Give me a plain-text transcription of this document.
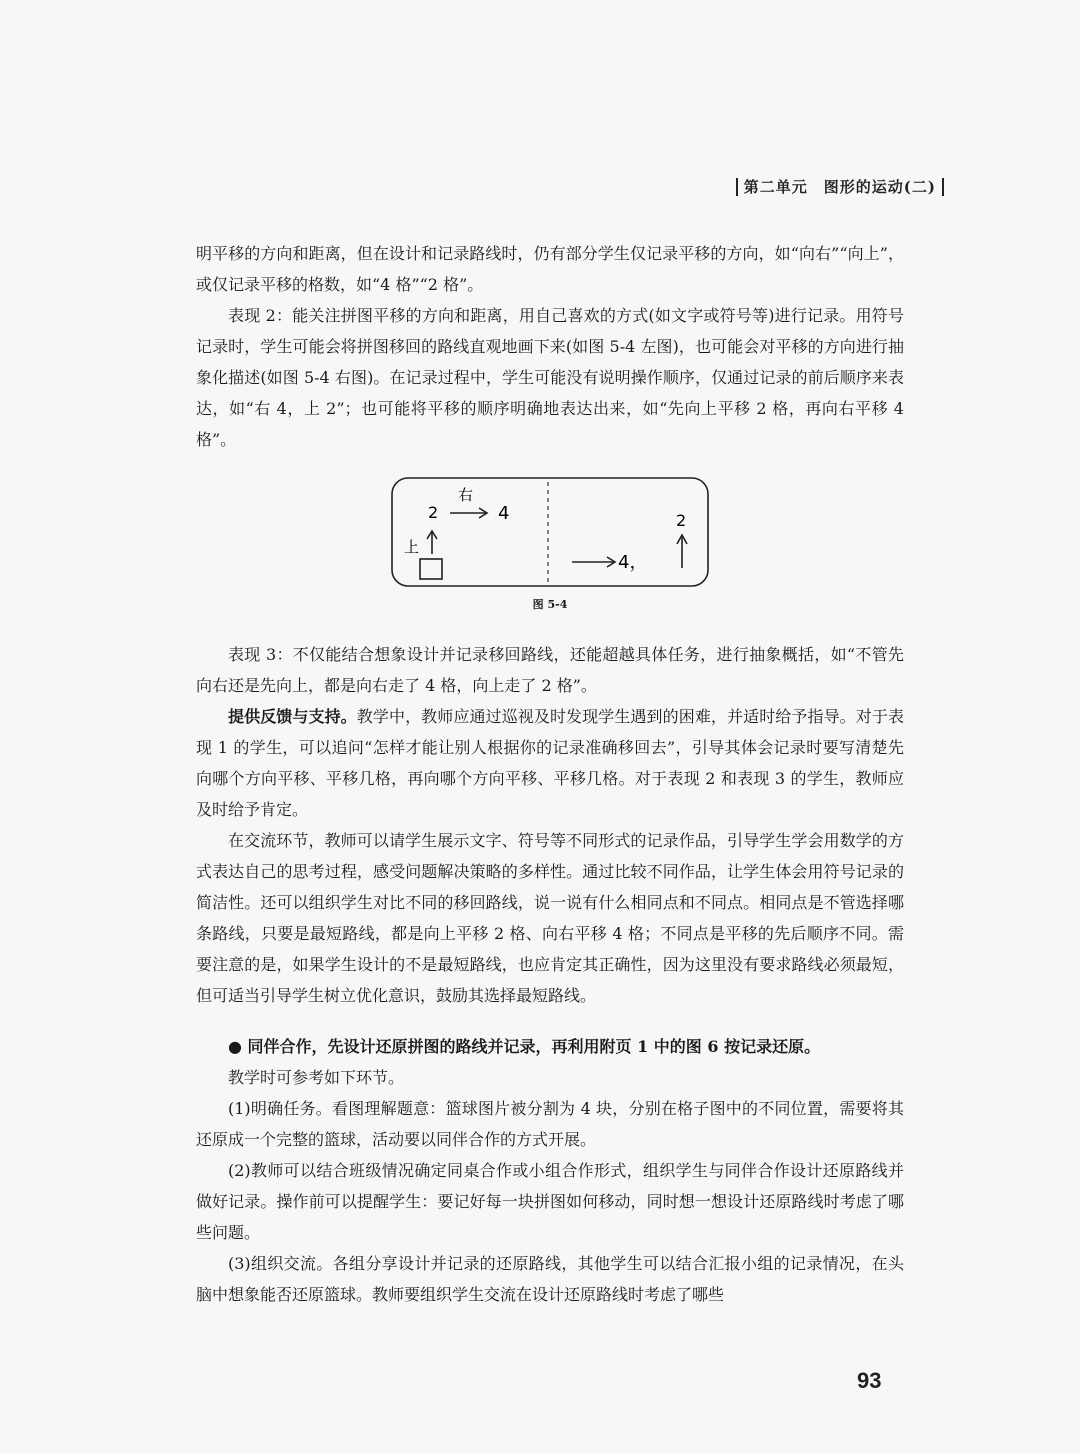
第二单元 图形的运动(二)

明平移的方向和距离，但在设计和记录路线时，仍有部分学生仅记录平移的方向，如“向右”“向上”，或仅记录平移的格数，如“4 格”“2 格”。

表现 2：能关注拼图平移的方向和距离，用自己喜欢的方式(如文字或符号等)进行记录。用符号记录时，学生可能会将拼图移回的路线直观地画下来(如图 5-4 左图)，也可能会对平移的方向进行抽象化描述(如图 5-4 右图)。在记录过程中，学生可能没有说明操作顺序，仅通过记录的前后顺序来表达，如“右 4，上 2”；也可能将平移的顺序明确地表达出来，如“先向上平移 2 格，再向右平移 4 格”。

右
2	4
上
4，
2
图 5-4

表现 3：不仅能结合想象设计并记录移回路线，还能超越具体任务，进行抽象概括，如“不管先向右还是先向上，都是向右走了 4 格，向上走了 2 格”。

提供反馈与支持。教学中，教师应通过巡视及时发现学生遇到的困难，并适时给予指导。对于表现 1 的学生，可以追问“怎样才能让别人根据你的记录准确移回去”，引导其体会记录时要写清楚先向哪个方向平移、平移几格，再向哪个方向平移、平移几格。对于表现 2 和表现 3 的学生，教师应及时给予肯定。

在交流环节，教师可以请学生展示文字、符号等不同形式的记录作品，引导学生学会用数学的方式表达自己的思考过程，感受问题解决策略的多样性。通过比较不同作品，让学生体会用符号记录的简洁性。还可以组织学生对比不同的移回路线，说一说有什么相同点和不同点。相同点是不管选择哪条路线，只要是最短路线，都是向上平移 2 格、向右平移 4 格；不同点是平移的先后顺序不同。需要注意的是，如果学生设计的不是最短路线，也应肯定其正确性，因为这里没有要求路线必须最短，但可适当引导学生树立优化意识，鼓励其选择最短路线。

● 同伴合作，先设计还原拼图的路线并记录，再利用附页 1 中的图 6 按记录还原。

教学时可参考如下环节。

(1)明确任务。看图理解题意：篮球图片被分割为 4 块，分别在格子图中的不同位置，需要将其还原成一个完整的篮球，活动要以同伴合作的方式开展。

(2)教师可以结合班级情况确定同桌合作或小组合作形式，组织学生与同伴合作设计还原路线并做好记录。操作前可以提醒学生：要记好每一块拼图如何移动，同时想一想设计还原路线时考虑了哪些问题。

(3)组织交流。各组分享设计并记录的还原路线，其他学生可以结合汇报小组的记录情况，在头脑中想象能否还原篮球。教师要组织学生交流在设计还原路线时考虑了哪些

93
